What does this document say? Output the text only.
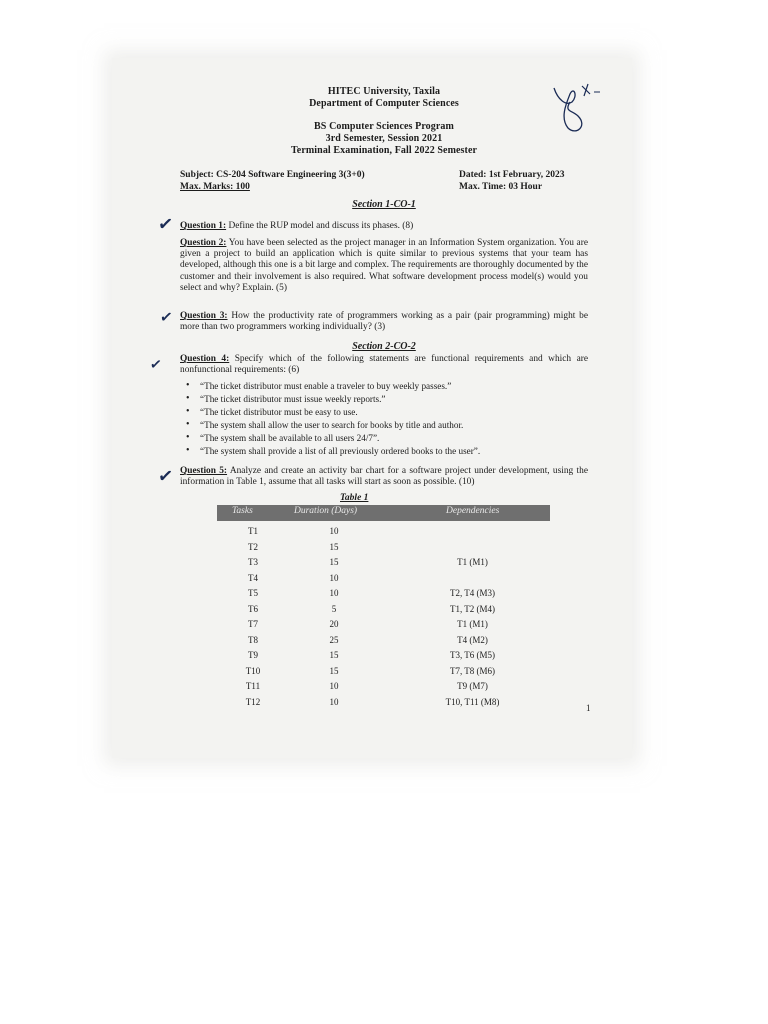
HITEC University, Taxila
Department of Computer Sciences
BS Computer Sciences Program
3rd Semester, Session 2021
Terminal Examination, Fall 2022 Semester
Subject: CS-204 Software Engineering 3(3+0)	Dated: 1st February, 2023
Max. Marks: 100	Max. Time: 03 Hour
Section 1-CO-1
✓ Question 1: Define the RUP model and discuss its phases. (8)
Question 2: You have been selected as the project manager in an Information System organization. You are given a project to build an application which is quite similar to previous systems that your team has developed, although this one is a bit large and complex. The requirements are thoroughly documented by the customer and their involvement is also required. What software development process model(s) would you select and why? Explain. (5)
✓ Question 3: How the productivity rate of programmers working as a pair (pair programming) might be more than two programmers working individually? (3)
Section 2-CO-2
✓ Question 4: Specify which of the following statements are functional requirements and which are nonfunctional requirements: (6)
• “The ticket distributor must enable a traveler to buy weekly passes.”
• “The ticket distributor must issue weekly reports.”
• “The ticket distributor must be easy to use.
• “The system shall allow the user to search for books by title and author.
• “The system shall be available to all users 24/7”.
• “The system shall provide a list of all previously ordered books to the user”.
✓ Question 5: Analyze and create an activity bar chart for a software project under development, using the information in Table 1, assume that all tasks will start as soon as possible. (10)
Table 1
Tasks	Duration (Days)	Dependencies
T1	10
T2	15
T3	15	T1 (M1)
T4	10
T5	10	T2, T4 (M3)
T6	5	T1, T2 (M4)
T7	20	T1 (M1)
T8	25	T4 (M2)
T9	15	T3, T6 (M5)
T10	15	T7, T8 (M6)
T11	10	T9 (M7)
T12	10	T10, T11 (M8)
1
